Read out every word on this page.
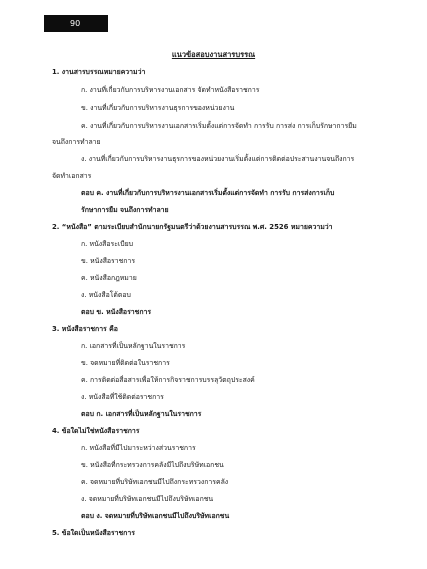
90
แนวข้อสอบงานสารบรรณ
1. งานสารบรรณหมายความว่า
ก. งานที่เกี่ยวกับการบริหารงานเอกสาร จัดทำหนังสือราชการ
ข. งานที่เกี่ยวกับการบริหารงานธุรการของหน่วยงาน
ค. งานที่เกี่ยวกับการบริหารงานเอกสารเริ่มตั้งแต่การจัดทำ การรับ การส่ง การเก็บรักษาการยืม
จนถึงการทำลาย
ง. งานที่เกี่ยวกับการบริหารงานธุรการของหน่วยงานเริ่มตั้งแต่การติดต่อประสานงานจนถึงการ
จัดทำเอกสาร
ตอบ ค. งานที่เกี่ยวกับการบริหารงานเอกสารเริ่มตั้งแต่การจัดทำ การรับ การส่งการเก็บ
รักษาการยืม จนถึงการทำลาย
2. “หนังสือ” ตามระเบียบสำนักนายกรัฐมนตรีว่าด้วยงานสารบรรณ พ.ศ. 2526 หมายความว่า
ก. หนังสือระเบียบ
ข. หนังสือราชการ
ค. หนังสือกฎหมาย
ง. หนังสือโต้ตอบ
ตอบ ข. หนังสือราชการ
3. หนังสือราชการ คือ
ก. เอกสารที่เป็นหลักฐานในราชการ
ข. จดหมายที่ติดต่อในราชการ
ค. การติดต่อสื่อสารเพื่อให้การกิจราชการบรรลุวัตถุประสงค์
ง. หนังสือที่ใช้ติดต่อราชการ
ตอบ ก. เอกสารที่เป็นหลักฐานในราชการ
4. ข้อใดไม่ใช่หนังสือราชการ
ก. หนังสือที่มีไปมาระหว่างส่วนราชการ
ข. หนังสือที่กระทรวงการคลังมีไปถึงบริษัทเอกชน
ค. จดหมายที่บริษัทเอกชนมีไปถึงกระทรวงการคลัง
ง. จดหมายที่บริษัทเอกชนมีไปถึงบริษัทเอกชน
ตอบ ง. จดหมายที่บริษัทเอกชนมีไปถึงบริษัทเอกชน
5. ข้อใดเป็นหนังสือราชการ
